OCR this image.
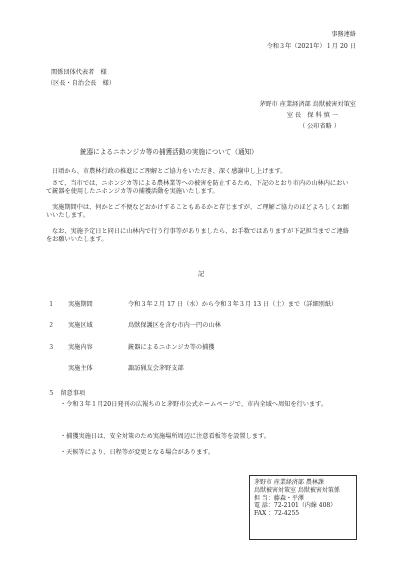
事務連絡
令和３年（2021年）１月 20 日
関係団体代表者　様
（区長・自治会長　様）
茅野市 産業経済部 鳥獣被害対策室
室 長　保 科 慎 一
（ 公印省略 ）
銃器によるニホンジカ等の捕獲活動の実施について（通知）
日頃から、市農林行政の推進にご理解とご協力をいただき、深く感謝申し上げます。
さて、当市では、ニホンジカ等による農林業等への被害を防止するため、下記のとおり市内の山林内において銃器を使用したニホンジカ等の捕獲活動を実施いたします。
実施期間中は、何かとご不便などおかけすることもあるかと存じますが、ご理解ご協力のほどよろしくお願いいたします。
なお、実施予定日と同日に山林内で行う行事等がありましたら、お手数ではありますが下記担当までご連絡をお願いいたします。
記
１ 実施期間	令和３年２月 17 日（水）から令和３年３月 13 日（土）まで（詳細別紙）
２ 実施区域	鳥獣保護区を含む市内一円の山林
３ 実施内容	銃器によるニホンジカ等の捕獲
実施主体	諏訪猟友会茅野支部
５　留意事項
・令和３年１月20日発刊の広報ちのと茅野市公式ホームページで、市内全域へ周知を行います。
・捕獲実施日は、安全対策のため実施場所周辺に注意看板等を設置します。
・天候等により、日程等が変更となる場合があります。
茅野市 産業経済部 農林課
鳥獣被害対策室 鳥獣被害対策係
担 当：藤森・平澤
電 話：72-2101（内線 408）
FAX ：72-4255
